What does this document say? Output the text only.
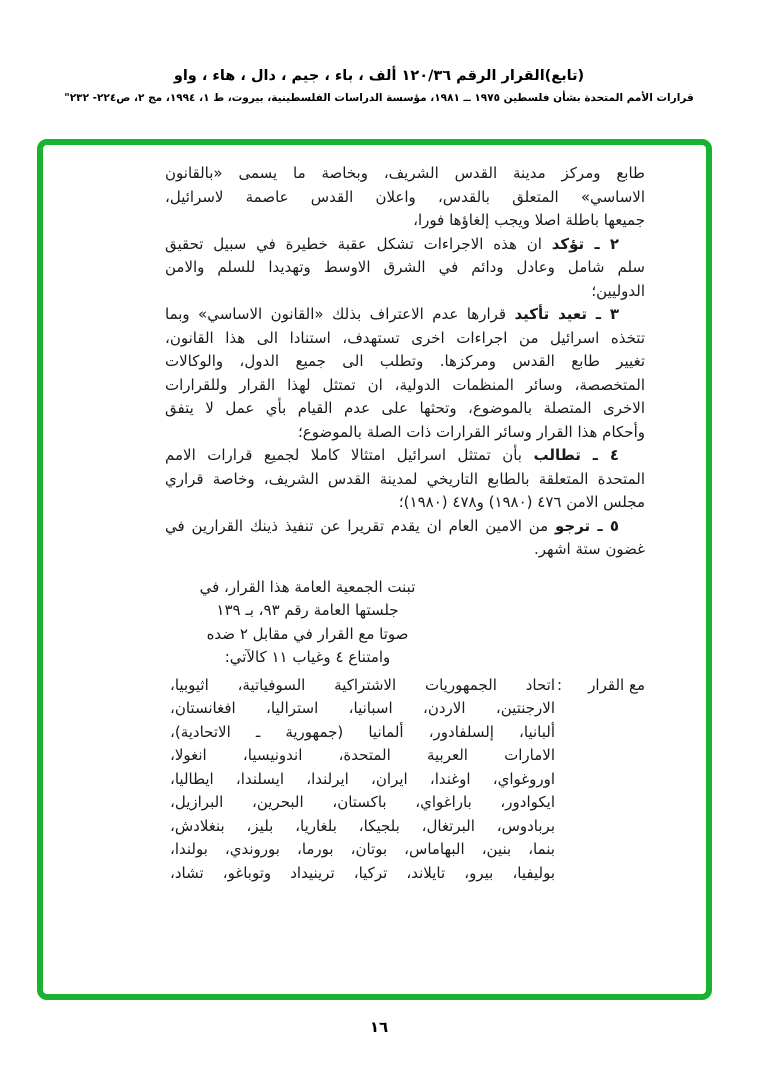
(تابع)القرار الرقم ١٢٠/٣٦ ألف ، باء ، جيم ، دال ، هاء ، واو
قرارات الأمم المتحدة بشأن فلسطين ١٩٧٥ ــ ١٩٨١، مؤسسة الدراسات الفلسطينية، بيروت، ط ١، ١٩٩٤، مج ٢، ص٢٢٤- ٢٣٢"
طابع ومركز مدينة القدس الشريف، وبخاصة ما يسمى «بالقانون
الاساسي» المتعلق بالقدس، واعلان القدس عاصمة لاسرائيل،
جميعها باطلة اصلا ويجب إلغاؤها فورا،
٢ ـ تؤكد ان هذه الاجراءات تشكل عقبة خطيرة في سبيل تحقيق
سلم شامل وعادل ودائم في الشرق الاوسط وتهديدا للسلم والامن
الدوليين؛
٣ ـ تعيد تأكيد قرارها عدم الاعتراف بذلك «القانون الاساسي» وبما
تتخذه اسرائيل من اجراءات اخرى تستهدف، استنادا الى هذا القانون،
تغيير طابع القدس ومركزها. وتطلب الى جميع الدول، والوكالات
المتخصصة، وسائر المنظمات الدولية، ان تمتثل لهذا القرار وللقرارات
الاخرى المتصلة بالموضوع، وتحثها على عدم القيام بأي عمل لا يتفق
وأحكام هذا القرار وسائر القرارات ذات الصلة بالموضوع؛
٤ ـ تطالب بأن تمتثل اسرائيل امتثالا كاملا لجميع قرارات الامم
المتحدة المتعلقة بالطابع التاريخي لمدينة القدس الشريف، وخاصة قراري
مجلس الامن ٤٧٦ (١٩٨٠) و٤٧٨ (١٩٨٠)؛
٥ ـ ترجو من الامين العام ان يقدم تقريرا عن تنفيذ ذينك القرارين في
غضون ستة اشهر.
تبنت الجمعية العامة هذا القرار، في
جلستها العامة رقم ٩٣، بـ ١٣٩
صوتا مع القرار في مقابل ٢ ضده
وامتناع ٤ وغياب ١١ كالآتي:
مع القرار
:
اتحاد الجمهوريات الاشتراكية السوفياتية، اثيوبيا،
الارجنتين، الاردن، اسبانيا، استراليا، افغانستان،
ألبانيا، إلسلفادور، ألمانيا (جمهورية ـ الاتحادية)،
الامارات العربية المتحدة، اندونيسيا، انغولا،
اوروغواي، اوغندا، ايران، ايرلندا، ايسلندا، ايطاليا،
ايكوادور، باراغواي، باكستان، البحرين، البرازيل،
بربادوس، البرتغال، بلجيكا، بلغاريا، بليز، بنغلادش،
بنما، بنين، البهاماس، بوتان، بورما، بوروندي، بولندا،
بوليفيا، بيرو، تايلاند، تركيا، ترينيداد وتوباغو، تشاد،
١٦
